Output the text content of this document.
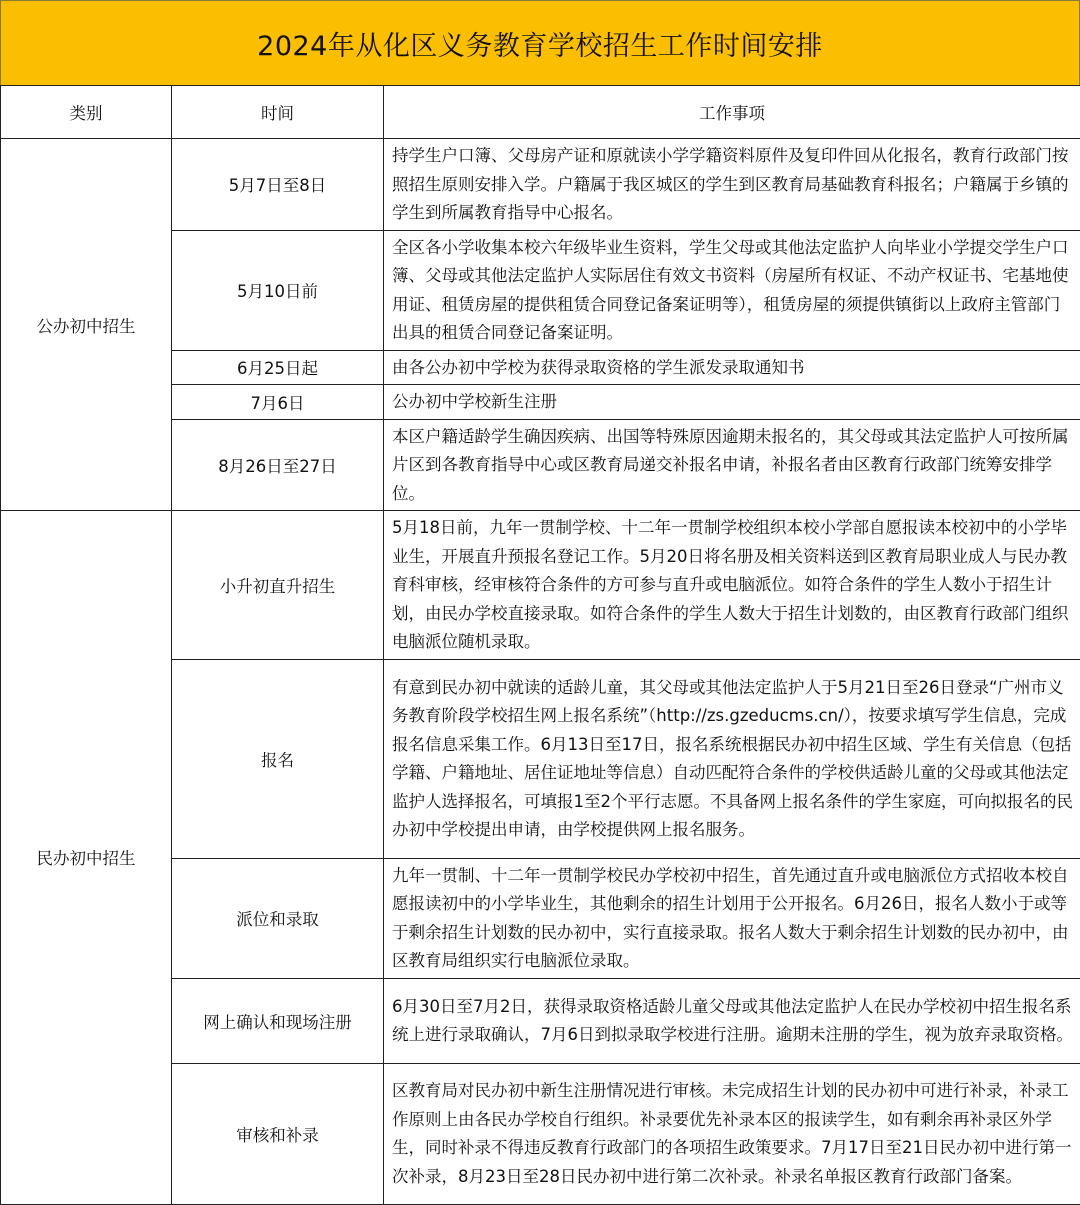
2024年从化区义务教育学校招生工作时间安排
类别	时间	工作事项
公办初中招生	5月7日至8日	持学生户口簿、父母房产证和原就读小学学籍资料原件及复印件回从化报名，教育行政部门按照招生原则安排入学。户籍属于我区城区的学生到区教育局基础教育科报名；户籍属于乡镇的学生到所属教育指导中心报名。
	5月10日前	全区各小学收集本校六年级毕业生资料，学生父母或其他法定监护人向毕业小学提交学生户口簿、父母或其他法定监护人实际居住有效文书资料（房屋所有权证、不动产权证书、宅基地使用证、租赁房屋的提供租赁合同登记备案证明等），租赁房屋的须提供镇街以上政府主管部门出具的租赁合同登记备案证明。
	6月25日起	由各公办初中学校为获得录取资格的学生派发录取通知书
	7月6日	公办初中学校新生注册
	8月26日至27日	本区户籍适龄学生确因疾病、出国等特殊原因逾期未报名的，其父母或其法定监护人可按所属片区到各教育指导中心或区教育局递交补报名申请，补报名者由区教育行政部门统筹安排学位。
民办初中招生	小升初直升招生	5月18日前，九年一贯制学校、十二年一贯制学校组织本校小学部自愿报读本校初中的小学毕业生，开展直升预报名登记工作。5月20日将名册及相关资料送到区教育局职业成人与民办教育科审核，经审核符合条件的方可参与直升或电脑派位。如符合条件的学生人数小于招生计划，由民办学校直接录取。如符合条件的学生人数大于招生计划数的，由区教育行政部门组织电脑派位随机录取。
	报名	有意到民办初中就读的适龄儿童，其父母或其他法定监护人于5月21日至26日登录“广州市义务教育阶段学校招生网上报名系统”（http://zs.gzeducms.cn/），按要求填写学生信息，完成报名信息采集工作。6月13日至17日，报名系统根据民办初中招生区域、学生有关信息（包括学籍、户籍地址、居住证地址等信息）自动匹配符合条件的学校供适龄儿童的父母或其他法定监护人选择报名，可填报1至2个平行志愿。不具备网上报名条件的学生家庭，可向拟报名的民办初中学校提出申请，由学校提供网上报名服务。
	派位和录取	九年一贯制、十二年一贯制学校民办学校初中招生，首先通过直升或电脑派位方式招收本校自愿报读初中的小学毕业生，其他剩余的招生计划用于公开报名。6月26日，报名人数小于或等于剩余招生计划数的民办初中，实行直接录取。报名人数大于剩余招生计划数的民办初中，由区教育局组织实行电脑派位录取。
	网上确认和现场注册	6月30日至7月2日，获得录取资格适龄儿童父母或其他法定监护人在民办学校初中招生报名系统上进行录取确认，7月6日到拟录取学校进行注册。逾期未注册的学生，视为放弃录取资格。
	审核和补录	区教育局对民办初中新生注册情况进行审核。未完成招生计划的民办初中可进行补录，补录工作原则上由各民办学校自行组织。补录要优先补录本区的报读学生，如有剩余再补录区外学生，同时补录不得违反教育行政部门的各项招生政策要求。7月17日至21日民办初中进行第一次补录，8月23日至28日民办初中进行第二次补录。补录名单报区教育行政部门备案。
